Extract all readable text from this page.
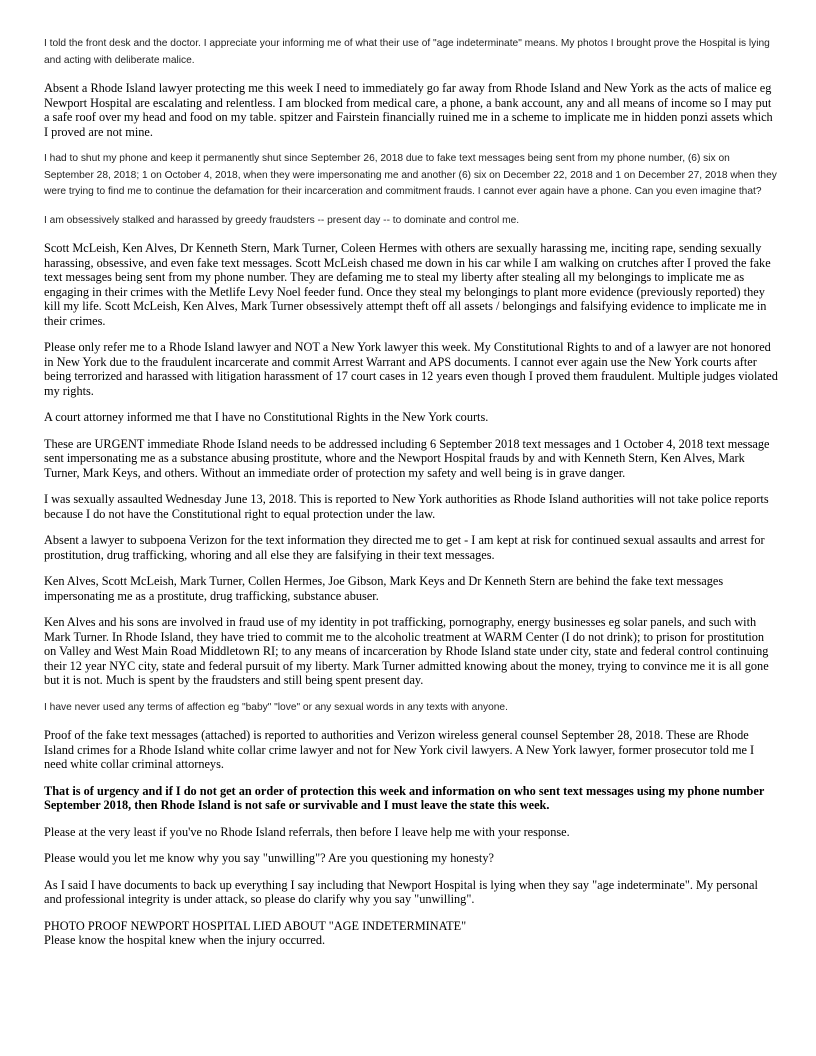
I told the front desk and the doctor. I appreciate your informing me of what their use of "age indeterminate" means. My photos I brought prove the Hospital is lying and acting with deliberate malice.

Absent a Rhode Island lawyer protecting me this week I need to immediately go far away from Rhode Island and New York as the acts of malice eg Newport Hospital are escalating and relentless. I am blocked from medical care, a phone, a bank account, any and all means of income so I may put a safe roof over my head and food on my table. spitzer and Fairstein financially ruined me in a scheme to implicate me in hidden ponzi assets which I proved are not mine.

I had to shut my phone and keep it permanently shut since September 26, 2018 due to fake text messages being sent from my phone number, (6) six on September 28, 2018; 1 on October 4, 2018, when they were impersonating me and another (6) six on December 22, 2018 and 1 on December 27, 2018 when they were trying to find me to continue the defamation for their incarceration and commitment frauds. I cannot ever again have a phone. Can you even imagine that?

I am obsessively stalked and harassed by greedy fraudsters -- present day -- to dominate and control me.

Scott McLeish, Ken Alves, Dr Kenneth Stern, Mark Turner, Coleen Hermes with others are sexually harassing me, inciting rape, sending sexually harassing, obsessive, and even fake text messages. Scott McLeish chased me down in his car while I am walking on crutches after I proved the fake text messages being sent from my phone number. They are defaming me to steal my liberty after stealing all my belongings to implicate me as engaging in their crimes with the Metlife Levy Noel feeder fund. Once they steal my belongings to plant more evidence (previously reported) they kill my life. Scott McLeish, Ken Alves, Mark Turner obsessively attempt theft off all assets / belongings and falsifying evidence to implicate me in their crimes.

Please only refer me to a Rhode Island lawyer and NOT a New York lawyer this week. My Constitutional Rights to and of a lawyer are not honored in New York due to the fraudulent incarcerate and commit Arrest Warrant and APS documents. I cannot ever again use the New York courts after being terrorized and harassed with litigation harassment of 17 court cases in 12 years even though I proved them fraudulent. Multiple judges violated my rights.

A court attorney informed me that I have no Constitutional Rights in the New York courts.

These are URGENT immediate Rhode Island needs to be addressed including 6 September 2018 text messages and 1 October 4, 2018 text message sent impersonating me as a substance abusing prostitute, whore and the Newport Hospital frauds by and with Kenneth Stern, Ken Alves, Mark Turner, Mark Keys, and others. Without an immediate order of protection my safety and well being is in grave danger.

I was sexually assaulted Wednesday June 13, 2018. This is reported to New York authorities as Rhode Island authorities will not take police reports because I do not have the Constitutional right to equal protection under the law.

Absent a lawyer to subpoena Verizon for the text information they directed me to get - I am kept at risk for continued sexual assaults and arrest for prostitution, drug trafficking, whoring and all else they are falsifying in their text messages.

Ken Alves, Scott McLeish, Mark Turner, Collen Hermes, Joe Gibson, Mark Keys and Dr Kenneth Stern are behind the fake text messages impersonating me as a prostitute, drug trafficking, substance abuser.

Ken Alves and his sons are involved in fraud use of my identity in pot trafficking, pornography, energy businesses eg solar panels, and such with Mark Turner. In Rhode Island, they have tried to commit me to the alcoholic treatment at WARM Center (I do not drink); to prison for prostitution on Valley and West Main Road Middletown RI; to any means of incarceration by Rhode Island state under city, state and federal control continuing their 12 year NYC city, state and federal pursuit of my liberty. Mark Turner admitted knowing about the money, trying to convince me it is all gone but it is not. Much is spent by the fraudsters and still being spent present day.

I have never used any terms of affection eg "baby" "love" or any sexual words in any texts with anyone.

Proof of the fake text messages (attached) is reported to authorities and Verizon wireless general counsel September 28, 2018. These are Rhode Island crimes for a Rhode Island white collar crime lawyer and not for New York civil lawyers. A New York lawyer, former prosecutor told me I need white collar criminal attorneys.

That is of urgency and if I do not get an order of protection this week and information on who sent text messages using my phone number September 2018, then Rhode Island is not safe or survivable and I must leave the state this week.

Please at the very least if you've no Rhode Island referrals, then before I leave help me with your response.

Please would you let me know why you say "unwilling"? Are you questioning my honesty?

As I said I have documents to back up everything I say including that Newport Hospital is lying when they say "age indeterminate". My personal and professional integrity is under attack, so please do clarify why you say "unwilling".

PHOTO PROOF NEWPORT HOSPITAL LIED ABOUT "AGE INDETERMINATE"

Please know the hospital knew when the injury occurred.
